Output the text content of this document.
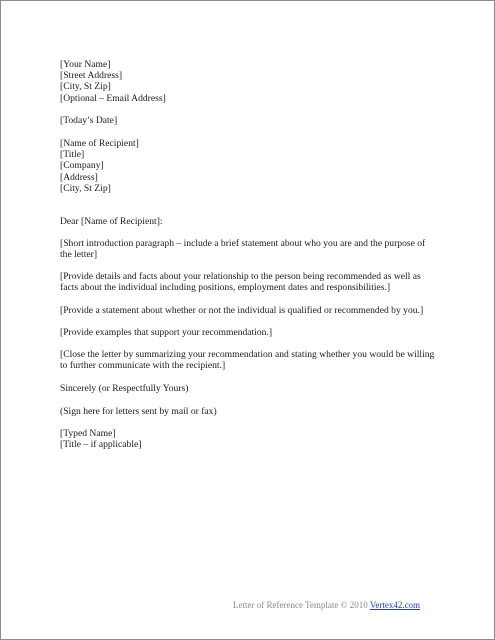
[Your Name]
[Street Address]
[City, St Zip]
[Optional – Email Address]
[Today’s Date]
[Name of Recipient]
[Title]
[Company]
[Address]
[City, St Zip]
Dear [Name of Recipient]:
[Short introduction paragraph – include a brief statement about who you are and the purpose of the letter]
[Provide details and facts about your relationship to the person being recommended as well as facts about the individual including positions, employment dates and responsibilities.]
[Provide a statement about whether or not the individual is qualified or recommended by you.]
[Provide examples that support your recommendation.]
[Close the letter by summarizing your recommendation and stating whether you would be willing to further communicate with the recipient.]
Sincerely (or Respectfully Yours)
(Sign here for letters sent by mail or fax)
[Typed Name]
[Title – if applicable]
Letter of Reference Template © 2010 Vertex42.com
